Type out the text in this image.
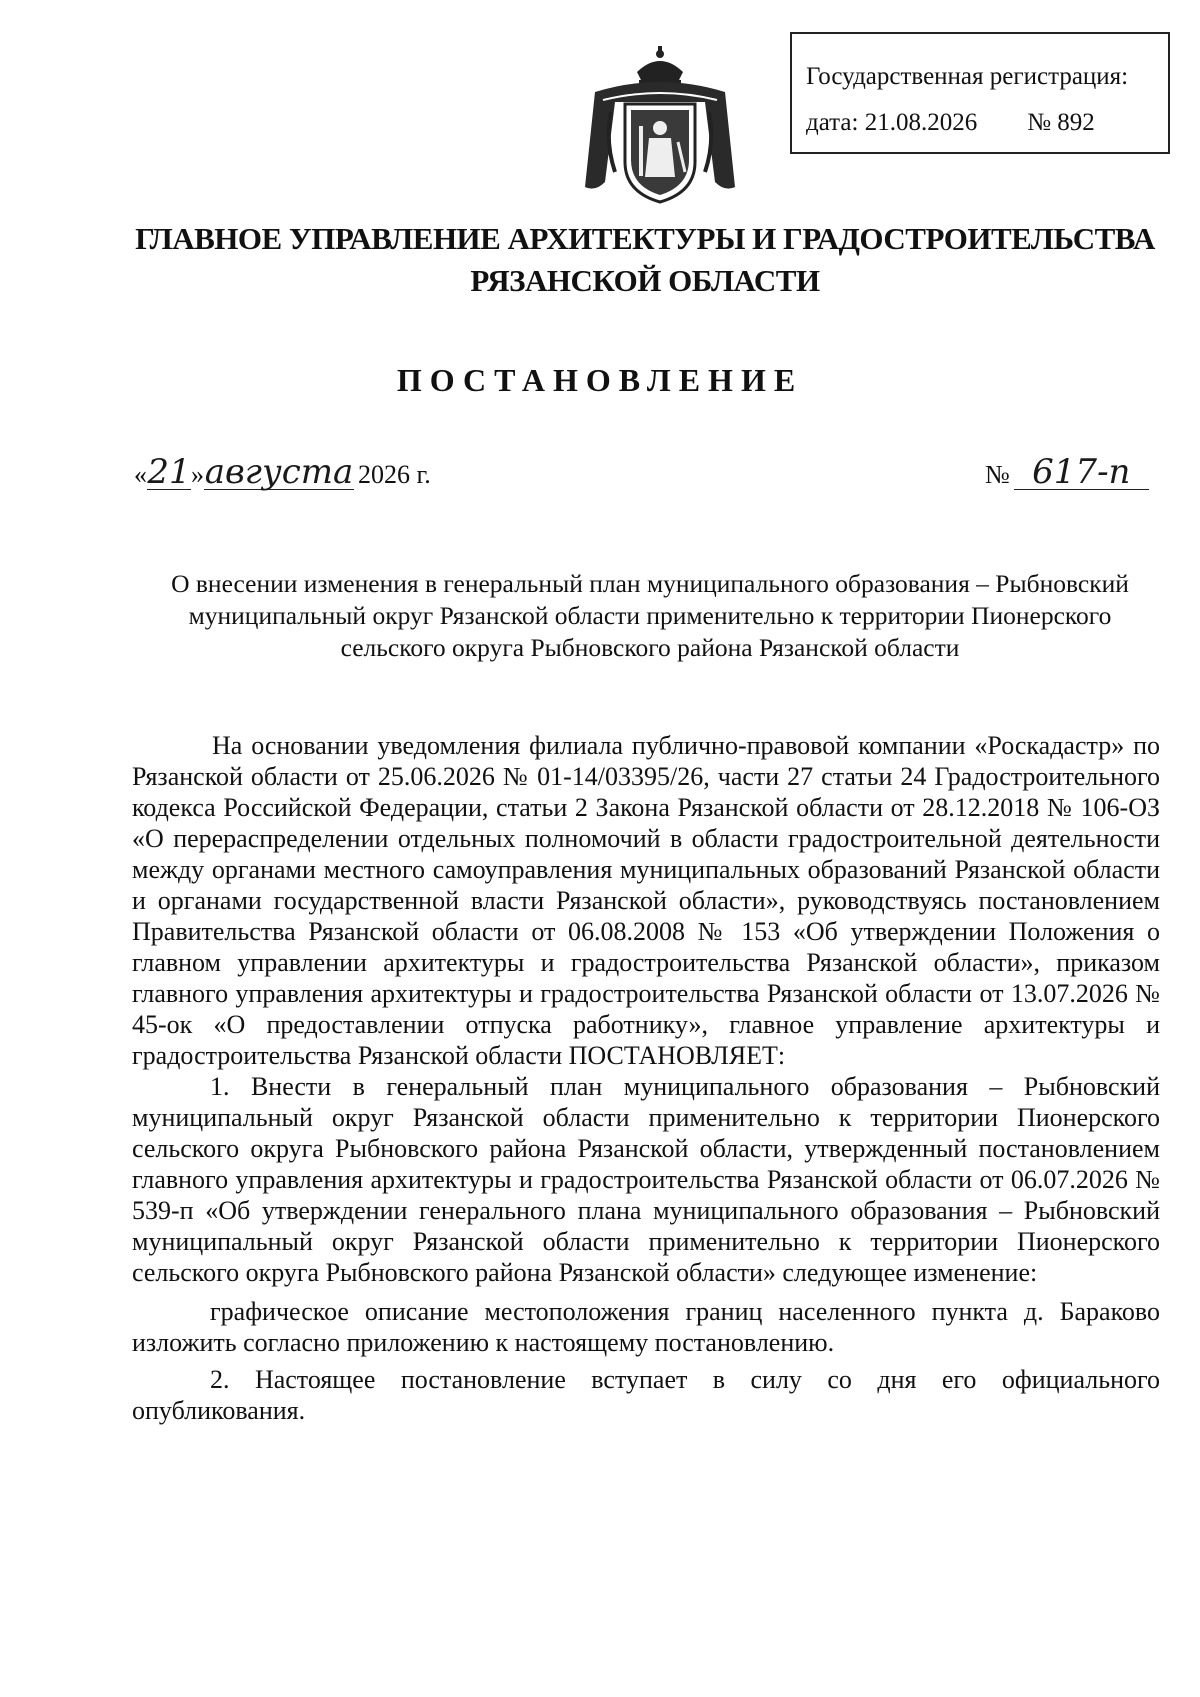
Государственная регистрация:
дата: 21.08.2026 № 892
ГЛАВНОЕ УПРАВЛЕНИЕ АРХИТЕКТУРЫ И ГРАДОСТРОИТЕЛЬСТВА
РЯЗАНСКОЙ ОБЛАСТИ
ПОСТАНОВЛЕНИЕ
« 21 » августа 2026 г.	№ 617-п
О внесении изменения в генеральный план муниципального образования – Рыбновский муниципальный округ Рязанской области применительно к территории Пионерского сельского округа Рыбновского района Рязанской области

На основании уведомления филиала публично-правовой компании «Роскадастр» по Рязанской области от 25.06.2026 № 01-14/03395/26, части 27 статьи 24 Градостроительного кодекса Российской Федерации, статьи 2 Закона Рязанской области от 28.12.2018 № 106-ОЗ «О перераспределении отдельных полномочий в области градостроительной деятельности между органами местного самоуправления муниципальных образований Рязанской области и органами государственной власти Рязанской области», руководствуясь постановлением Правительства Рязанской области от 06.08.2008 № 153 «Об утверждении Положения о главном управлении архитектуры и градостроительства Рязанской области», приказом главного управления архитектуры и градостроительства Рязанской области от 13.07.2026 № 45-ок «О предоставлении отпуска работнику», главное управление архитектуры и градостроительства Рязанской области ПОСТАНОВЛЯЕТ:

1. Внести в генеральный план муниципального образования – Рыбновский муниципальный округ Рязанской области применительно к территории Пионерского сельского округа Рыбновского района Рязанской области, утвержденный постановлением главного управления архитектуры и градостроительства Рязанской области от 06.07.2026 № 539-п «Об утверждении генерального плана муниципального образования – Рыбновский муниципальный округ Рязанской области применительно к территории Пионерского сельского округа Рыбновского района Рязанской области» следующее изменение:

графическое описание местоположения границ населенного пункта д. Бараково изложить согласно приложению к настоящему постановлению.

2. Настоящее постановление вступает в силу со дня его официального опубликования.
